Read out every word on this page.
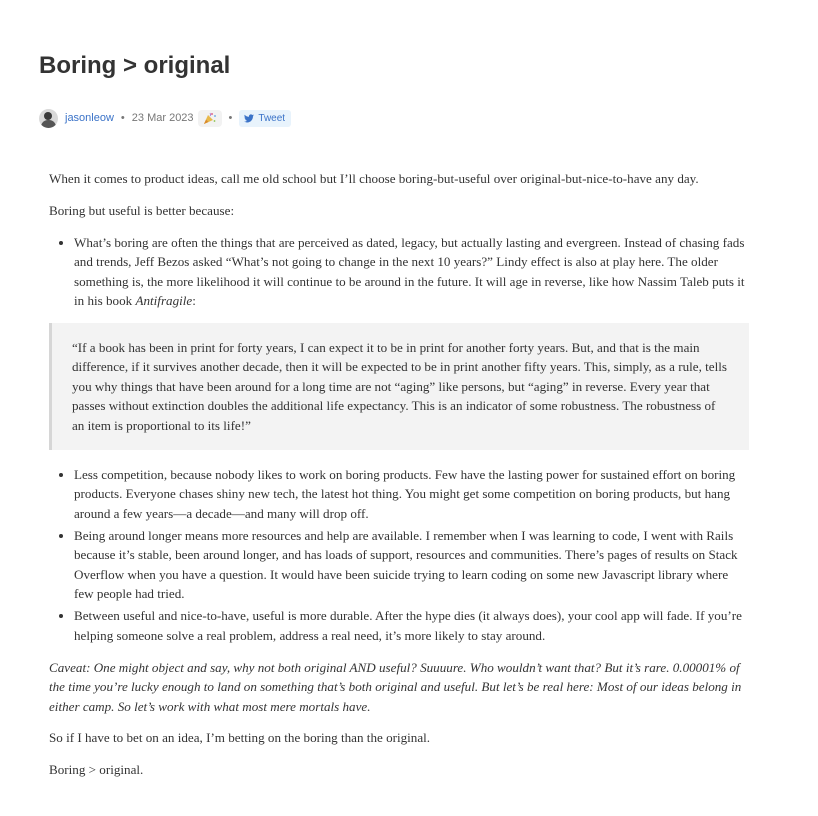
Boring > original
jasonleow • 23 Mar 2023	•	Tweet

When it comes to product ideas, call me old school but I’ll choose boring-but-useful over original-but-nice-to-have any day.

Boring but useful is better because:

• What’s boring are often the things that are perceived as dated, legacy, but actually lasting and evergreen. Instead of chasing fads and trends, Jeff Bezos asked “What’s not going to change in the next 10 years?” Lindy effect is also at play here. The older something is, the more likelihood it will continue to be around in the future. It will age in reverse, like how Nassim Taleb puts it in his book Antifragile:

“If a book has been in print for forty years, I can expect it to be in print for another forty years. But, and that is the main difference, if it survives another decade, then it will be expected to be in print another fifty years. This, simply, as a rule, tells you why things that have been around for a long time are not “aging” like persons, but “aging” in reverse. Every year that passes without extinction doubles the additional life expectancy. This is an indicator of some robustness. The robustness of an item is proportional to its life!”

• Less competition, because nobody likes to work on boring products. Few have the lasting power for sustained effort on boring products. Everyone chases shiny new tech, the latest hot thing. You might get some competition on boring products, but hang around a few years—a decade—and many will drop off.
• Being around longer means more resources and help are available. I remember when I was learning to code, I went with Rails because it’s stable, been around longer, and has loads of support, resources and communities. There’s pages of results on Stack Overflow when you have a question. It would have been suicide trying to learn coding on some new Javascript library where few people had tried.
• Between useful and nice-to-have, useful is more durable. After the hype dies (it always does), your cool app will fade. If you’re helping someone solve a real problem, address a real need, it’s more likely to stay around.

Caveat: One might object and say, why not both original AND useful? Suuuure. Who wouldn’t want that? But it’s rare. 0.00001% of the time you’re lucky enough to land on something that’s both original and useful. But let’s be real here: Most of our ideas belong in either camp. So let’s work with what most mere mortals have.

So if I have to bet on an idea, I’m betting on the boring than the original.

Boring > original.
